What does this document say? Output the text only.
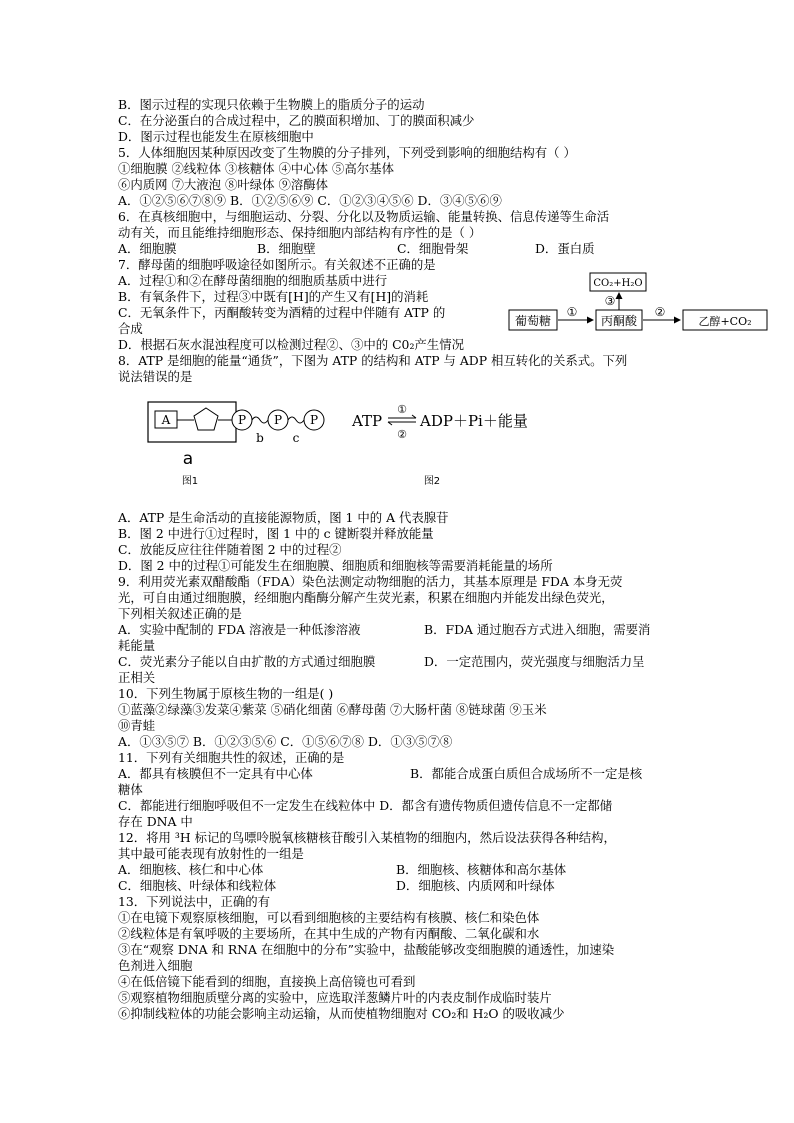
B．图示过程的实现只依赖于生物膜上的脂质分子的运动
C．在分泌蛋白的合成过程中，乙的膜面积增加、丁的膜面积减少
D．图示过程也能发生在原核细胞中
5．人体细胞因某种原因改变了生物膜的分子排列，下列受到影响的细胞结构有（ ）
①细胞膜 ②线粒体 ③核糖体 ④中心体 ⑤高尔基体
⑥内质网 ⑦大液泡 ⑧叶绿体 ⑨溶酶体
A．①②⑤⑥⑦⑧⑨ B．①②⑤⑥⑨ C．①②③④⑤⑥ D．③④⑤⑥⑨
6．在真核细胞中，与细胞运动、分裂、分化以及物质运输、能量转换、信息传递等生命活
动有关，而且能维持细胞形态、保持细胞内部结构有序性的是（ ）
A．细胞膜	B．细胞壁	C．细胞骨架	D．蛋白质
7．酵母菌的细胞呼吸途径如图所示。有关叙述不正确的是
A．过程①和②在酵母菌细胞的细胞质基质中进行
B．有氧条件下，过程③中既有[H]的产生又有[H]的消耗
C．无氧条件下，丙酮酸转变为酒精的过程中伴随有 ATP 的
合成
D．根据石灰水混浊程度可以检测过程②、③中的 C0₂产生情况
8．ATP 是细胞的能量“通货”，下图为 ATP 的结构和 ATP 与 ADP 相互转化的关系式。下列
说法错误的是
葡萄糖
①
丙酮酸
CO₂+H₂O
③
②
乙醇+CO₂
A	P P P
b c
a
图1
ATP
①
②
ADP＋Pi＋能量
图2
A．ATP 是生命活动的直接能源物质，图 1 中的 A 代表腺苷
B．图 2 中进行①过程时，图 1 中的 c 键断裂并释放能量
C．放能反应往往伴随着图 2 中的过程②
D．图 2 中的过程①可能发生在细胞膜、细胞质和细胞核等需要消耗能量的场所
9．利用荧光素双醋酸酯（FDA）染色法测定动物细胞的活力，其基本原理是 FDA 本身无荧
光，可自由通过细胞膜，经细胞内酯酶分解产生荧光素，积累在细胞内并能发出绿色荧光，
下列相关叙述正确的是
A．实验中配制的 FDA 溶液是一种低渗溶液	B．FDA 通过胞吞方式进入细胞，需要消
耗能量
C．荧光素分子能以自由扩散的方式通过细胞膜	D．一定范围内，荧光强度与细胞活力呈
正相关
10．下列生物属于原核生物的一组是( )
①蓝藻②绿藻③发菜④紫菜 ⑤硝化细菌 ⑥酵母菌 ⑦大肠杆菌 ⑧链球菌 ⑨玉米
⑩青蛙
A．①③⑤⑦ B．①②③⑤⑥ C．①⑤⑥⑦⑧ D．①③⑤⑦⑧
11．下列有关细胞共性的叙述，正确的是
A．都具有核膜但不一定具有中心体	B．都能合成蛋白质但合成场所不一定是核
糖体
C．都能进行细胞呼吸但不一定发生在线粒体中 D．都含有遗传物质但遗传信息不一定都储
存在 DNA 中
12．将用 ³H 标记的鸟嘌呤脱氧核糖核苷酸引入某植物的细胞内，然后设法获得各种结构，
其中最可能表现有放射性的一组是
A．细胞核、核仁和中心体	B．细胞核、核糖体和高尔基体
C．细胞核、叶绿体和线粒体	D．细胞核、内质网和叶绿体
13．下列说法中，正确的有
①在电镜下观察原核细胞，可以看到细胞核的主要结构有核膜、核仁和染色体
②线粒体是有氧呼吸的主要场所，在其中生成的产物有丙酮酸、二氧化碳和水
③在“观察 DNA 和 RNA 在细胞中的分布”实验中，盐酸能够改变细胞膜的通透性，加速染
色剂进入细胞
④在低倍镜下能看到的细胞，直接换上高倍镜也可看到
⑤观察植物细胞质壁分离的实验中，应选取洋葱鳞片叶的内表皮制作成临时装片
⑥抑制线粒体的功能会影响主动运输，从而使植物细胞对 CO₂和 H₂O 的吸收减少
